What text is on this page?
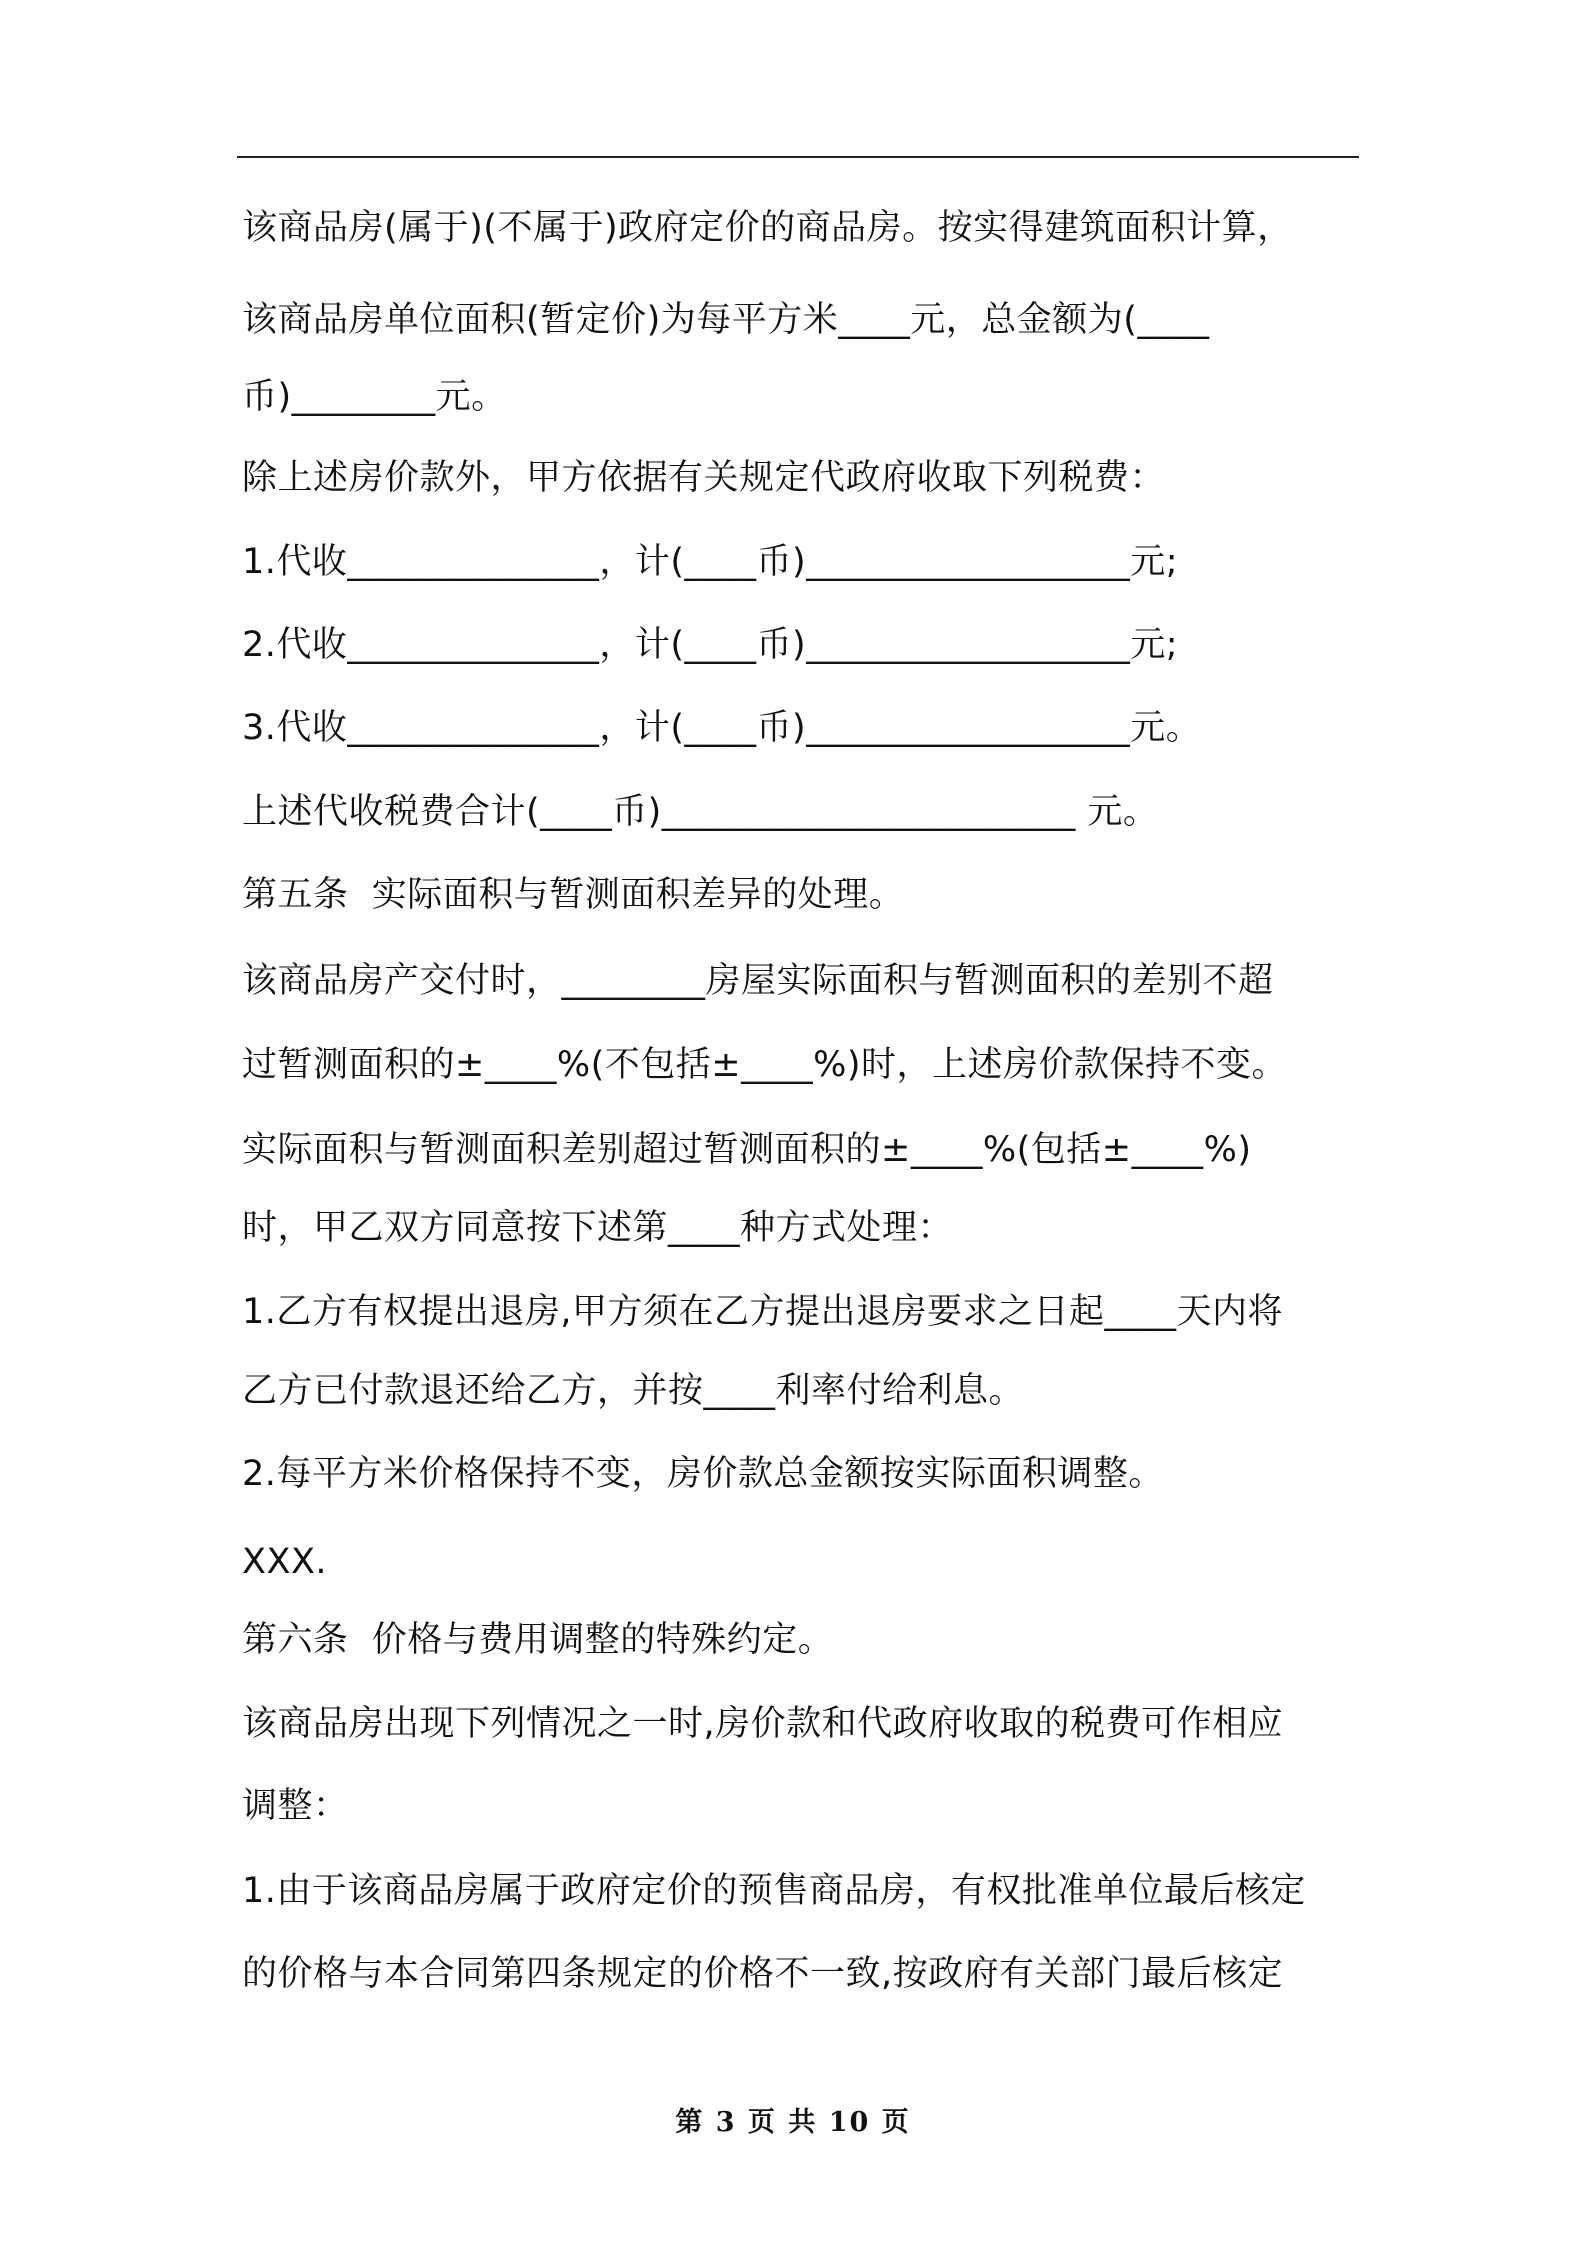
该商品房(属于)(不属于)政府定价的商品房。按实得建筑面积计算，
该商品房单位面积(暂定价)为每平方米____元，总金额为(____
币)________元。
除上述房价款外，甲方依据有关规定代政府收取下列税费：
1.代收______________，计(____币)__________________元;
2.代收______________，计(____币)__________________元;
3.代收______________，计(____币)__________________元。
上述代收税费合计(____币)_______________________ 元。
第五条  实际面积与暂测面积差异的处理。
该商品房产交付时，________房屋实际面积与暂测面积的差别不超
过暂测面积的±____%(不包括±____%)时，上述房价款保持不变。
实际面积与暂测面积差别超过暂测面积的±____%(包括±____%)
时，甲乙双方同意按下述第____种方式处理：
1.乙方有权提出退房,甲方须在乙方提出退房要求之日起____天内将
乙方已付款退还给乙方，并按____利率付给利息。
2.每平方米价格保持不变，房价款总金额按实际面积调整。
XXX.
第六条  价格与费用调整的特殊约定。
该商品房出现下列情况之一时,房价款和代政府收取的税费可作相应
调整：
1.由于该商品房属于政府定价的预售商品房，有权批准单位最后核定
的价格与本合同第四条规定的价格不一致,按政府有关部门最后核定
第 3 页 共 10 页
